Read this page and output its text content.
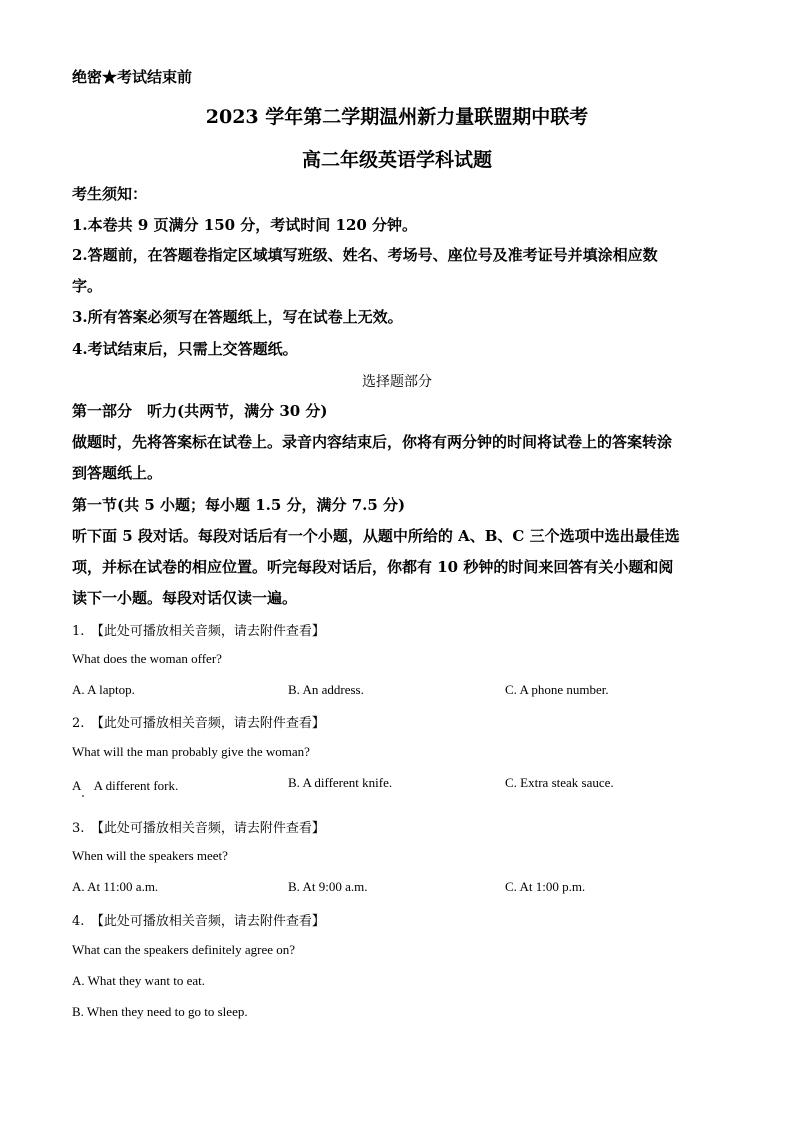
绝密★考试结束前
2023 学年第二学期温州新力量联盟期中联考
高二年级英语学科试题
考生须知：
1.本卷共 9 页满分 150 分，考试时间 120 分钟。
2.答题前，在答题卷指定区域填写班级、姓名、考场号、座位号及准考证号并填涂相应数
字。
3.所有答案必须写在答题纸上，写在试卷上无效。
4.考试结束后，只需上交答题纸。
选择题部分
第一部分　听力(共两节，满分 30 分)
做题时，先将答案标在试卷上。录音内容结束后，你将有两分钟的时间将试卷上的答案转涂
到答题纸上。
第一节(共 5 小题；每小题 1.5 分，满分 7.5 分)
听下面 5 段对话。每段对话后有一个小题，从题中所给的 A、B、C 三个选项中选出最佳选
项，并标在试卷的相应位置。听完每段对话后，你都有 10 秒钟的时间来回答有关小题和阅
读下一小题。每段对话仅读一遍。
1.　【此处可播放相关音频，请去附件查看】
What does the woman offer?
A. A laptop.	B. An address.	C. A phone number.
2.　【此处可播放相关音频，请去附件查看】
What will the man probably give the woman?
A　A different fork.	B. A different knife.	C. Extra steak sauce.
3.　【此处可播放相关音频，请去附件查看】
When will the speakers meet?
A. At 11:00 a.m.	B. At 9:00 a.m.	C. At 1:00 p.m.
4.　【此处可播放相关音频，请去附件查看】
What can the speakers definitely agree on?
A. What they want to eat.
B. When they need to go to sleep.
